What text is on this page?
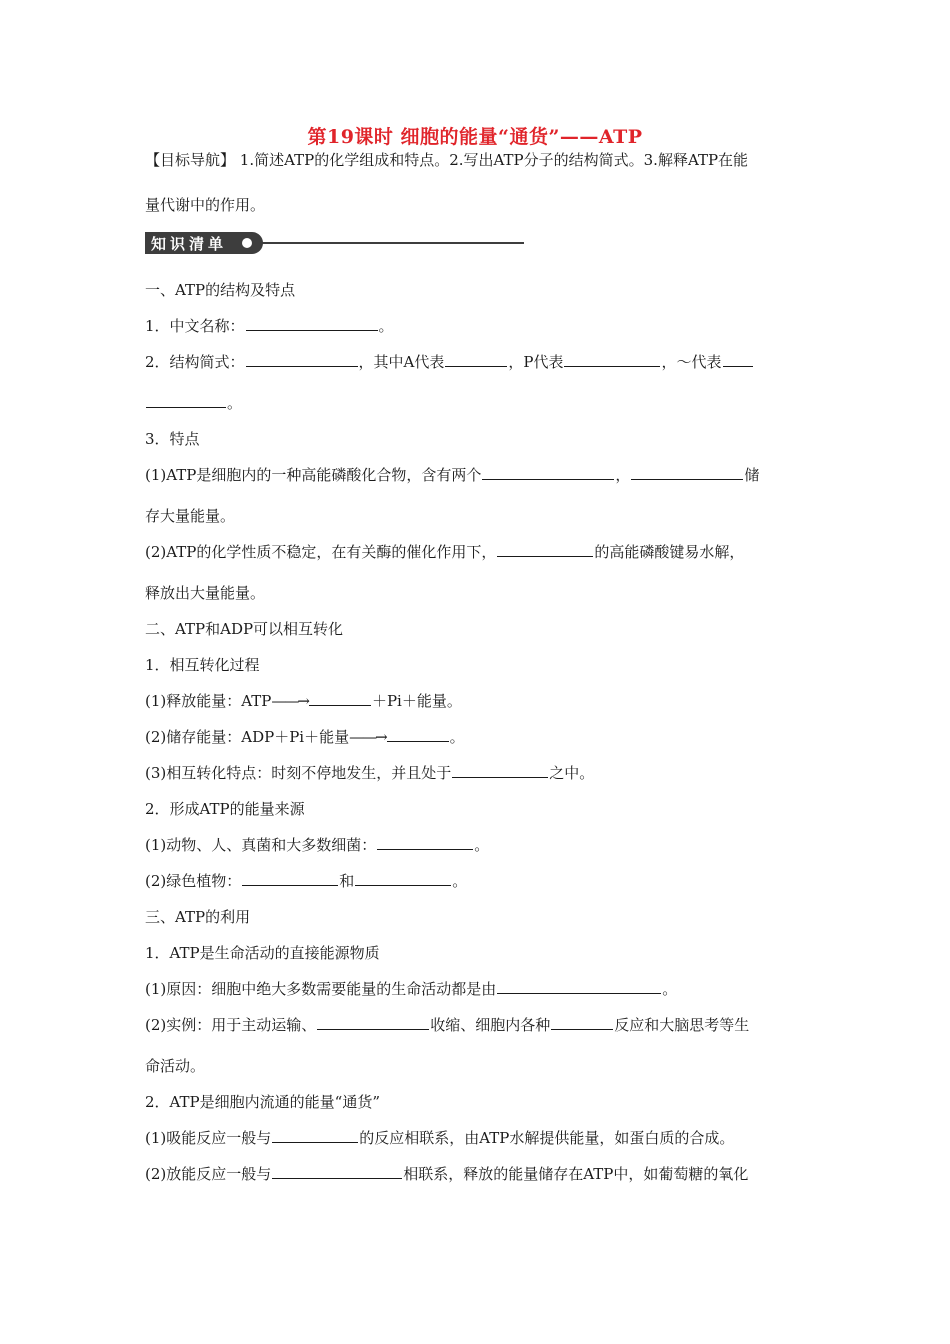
第19课时 细胞的能量“通货”——ATP
【目标导航】 1.简述ATP的化学组成和特点。2.写出ATP分子的结构简式。3.解释ATP在能
量代谢中的作用。
知识清单
一、ATP的结构及特点
1．中文名称：	。
2．结构简式：	，其中A代表	，P代表	，～代表
。
3．特点
(1)ATP是细胞内的一种高能磷酸化合物，含有两个	，	储
存大量能量。
(2)ATP的化学性质不稳定，在有关酶的催化作用下，	的高能磷酸键易水解，
释放出大量能量。
二、ATP和ADP可以相互转化
1．相互转化过程
(1)释放能量：ATP——→	＋Pi＋能量。
(2)储存能量：ADP＋Pi＋能量——→	。
(3)相互转化特点：时刻不停地发生，并且处于	之中。
2．形成ATP的能量来源
(1)动物、人、真菌和大多数细菌：	。
(2)绿色植物：	和	。
三、ATP的利用
1．ATP是生命活动的直接能源物质
(1)原因：细胞中绝大多数需要能量的生命活动都是由	。
(2)实例：用于主动运输、	收缩、细胞内各种	反应和大脑思考等生
命活动。
2．ATP是细胞内流通的能量“通货”
(1)吸能反应一般与	的反应相联系，由ATP水解提供能量，如蛋白质的合成。
(2)放能反应一般与	相联系，释放的能量储存在ATP中，如葡萄糖的氧化
